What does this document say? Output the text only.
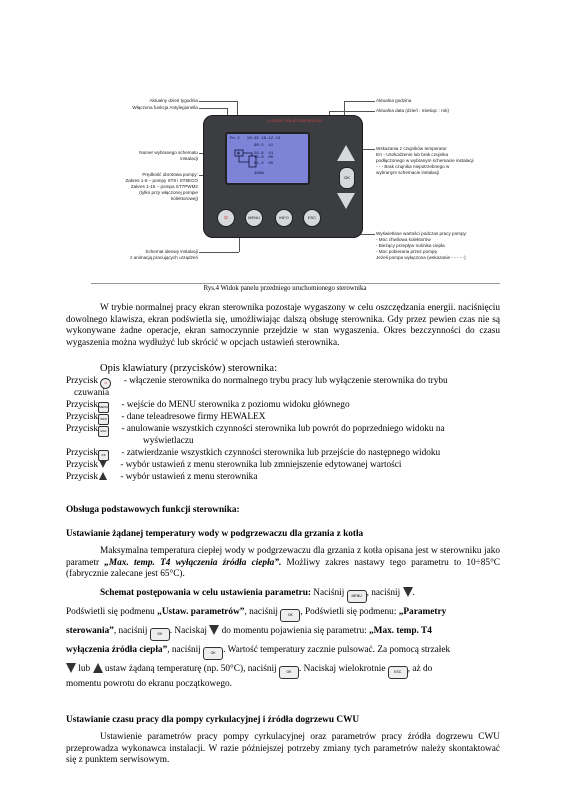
Aktualny dzień tygodnia
Włączona funkcja Antylegionella
Numer wybranego schematu instalacji
Prędkość obrotowa pompy:
Zakres 1-5 – pompy ST6 i ST6ECO
Zakres 1-15 – pompa ST7PWM2
(tylko przy włączonej pompie kolektorowej)
Schemat ideowy instalacji
z animacją pracujących urządzeń
Aktualna godzina
Aktualna data (dzień : miesiąc : rok)
Wskazania z czujników temperatur
Err - Uszkodzenie lub brak czujnika
podłączonego w wybranym schemacie instalacji
- - - Brak czujnika niepotrzebnego w
wybranym schemacie instalacji
Wyświetlane wartości podczas pracy pompy:
- Moc chwilowa kolektorów
- Bieżący przepływ nośnika ciepła
- Moc pobierana przez pompę
Jeżeli pompa wyłączona (wskazanie - - - - -)
G-422-P07 SOLAR CONTROLLER
Pn 2   16:45 19.12.13
60.5  41
▣      59.6  41
15.8  00
61.2  00
380W
⏻	MENU	INFO	ESC
OK
Rys.4 Widok panelu przedniego uruchomionego sterownika
W trybie normalnej pracy ekran sterownika pozostaje wygaszony w celu oszczędzania energii. naciśnięciu dowolnego klawisza, ekran podświetla się, umożliwiając dalszą obsługę sterownika. Gdy przez pewien czas nie są wykonywane żadne operacje, ekran samoczynnie przejdzie w stan wygaszenia. Okres bezczynności do czasu wygaszenia można wydłużyć lub skrócić w opcjach ustawień sterownika.
Opis klawiatury (przycisków) sterownika:
Przycisk ⏻ - włączenie sterownika do normalnego trybu pracy lub wyłączenie sterownika do trybu
czuwania
PrzyciskMENU - wejście do MENU sterownika z poziomu widoku głównego
Przycisk INFO - dane teleadresowe firmy HEWALEX
Przycisk ESC - anulowanie wszystkich czynności sterownika lub powrót do poprzedniego widoku na
wyświetlaczu
Przycisk OK - zatwierdzanie wszystkich czynności sterownika lub przejście do następnego widoku
Przycisk - wybór ustawień z menu sterownika lub zmniejszenie edytowanej wartości
Przycisk - wybór ustawień z menu sterownika
Obsługa podstawowych funkcji sterownika:
Ustawianie żądanej temperatury wody w podgrzewaczu dla grzania z kotła
Maksymalna temperatura ciepłej wody w podgrzewaczu dla grzania z kotła opisana jest w sterowniku jako parametr „Max. temp. T4 wyłączenia źródła ciepła”. Możliwy zakres nastawy tego parametru to 10÷85°C (fabrycznie zalecane jest 65°C).
Schemat postępowania w celu ustawienia parametru: Naciśnij MENU , naciśnij .
Podświetli się podmenu „Ustaw. parametrów”, naciśnij OK , Podświetli się podmenu: „Parametry
sterowania”, naciśnij OK . Naciskaj  do momentu pojawienia się parametru: „Max. temp. T4
wyłączenia źródła ciepła”, naciśnij OK . Wartość temperatury zacznie pulsować. Za pomocą strzałek
lub  ustaw żądaną temperaturę (np. 50°C), naciśnij OK . Naciskaj wielokrotnie ESC , aż do
momentu powrotu do ekranu początkowego.
Ustawianie czasu pracy dla pompy cyrkulacyjnej i źródła dogrzewu CWU
Ustawienie parametrów pracy pompy cyrkulacyjnej oraz parametrów pracy źródła dogrzewu CWU przeprowadza wykonawca instalacji. W razie późniejszej potrzeby zmiany tych parametrów należy skontaktować się z punktem serwisowym.
